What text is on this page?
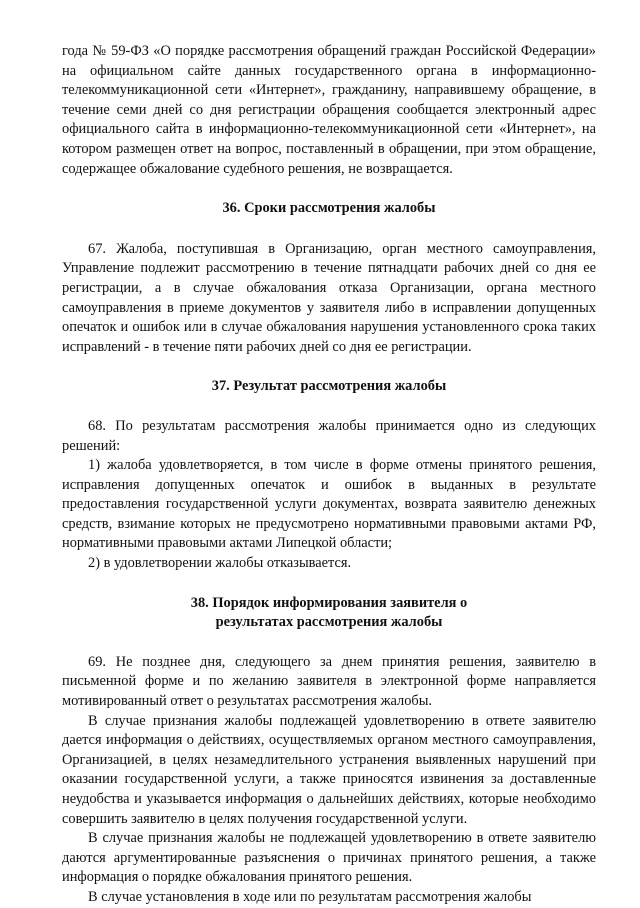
года № 59-ФЗ «О порядке рассмотрения обращений граждан Российской Федерации» на официальном сайте данных государственного органа в информационно-телекоммуникационной сети «Интернет», гражданину, направившему обращение, в течение семи дней со дня регистрации обращения сообщается электронный адрес официального сайта в информационно-телекоммуникационной сети «Интернет», на котором размещен ответ на вопрос, поставленный в обращении, при этом обращение, содержащее обжалование судебного решения, не возвращается.

36. Сроки рассмотрения жалобы

67. Жалоба, поступившая в Организацию, орган местного самоуправления, Управление подлежит рассмотрению в течение пятнадцати рабочих дней со дня ее регистрации, а в случае обжалования отказа Организации, органа местного самоуправления в приеме документов у заявителя либо в исправлении допущенных опечаток и ошибок или в случае обжалования нарушения установленного срока таких исправлений - в течение пяти рабочих дней со дня ее регистрации.

37. Результат рассмотрения жалобы

68. По результатам рассмотрения жалобы принимается одно из следующих решений:

1) жалоба удовлетворяется, в том числе в форме отмены принятого решения, исправления допущенных опечаток и ошибок в выданных в результате предоставления государственной услуги документах, возврата заявителю денежных средств, взимание которых не предусмотрено нормативными правовыми актами РФ, нормативными правовыми актами Липецкой области;

2) в удовлетворении жалобы отказывается.

38. Порядок информирования заявителя о результатах рассмотрения жалобы

69. Не позднее дня, следующего за днем принятия решения, заявителю в письменной форме и по желанию заявителя в электронной форме направляется мотивированный ответ о результатах рассмотрения жалобы.

В случае признания жалобы подлежащей удовлетворению в ответе заявителю дается информация о действиях, осуществляемых органом местного самоуправления, Организацией, в целях незамедлительного устранения выявленных нарушений при оказании государственной услуги, а также приносятся извинения за доставленные неудобства и указывается информация о дальнейших действиях, которые необходимо совершить заявителю в целях получения государственной услуги.

В случае признания жалобы не подлежащей удовлетворению в ответе заявителю даются аргументированные разъяснения о причинах принятого решения, а также информация о порядке обжалования принятого решения.

В случае установления в ходе или по результатам рассмотрения жалобы
